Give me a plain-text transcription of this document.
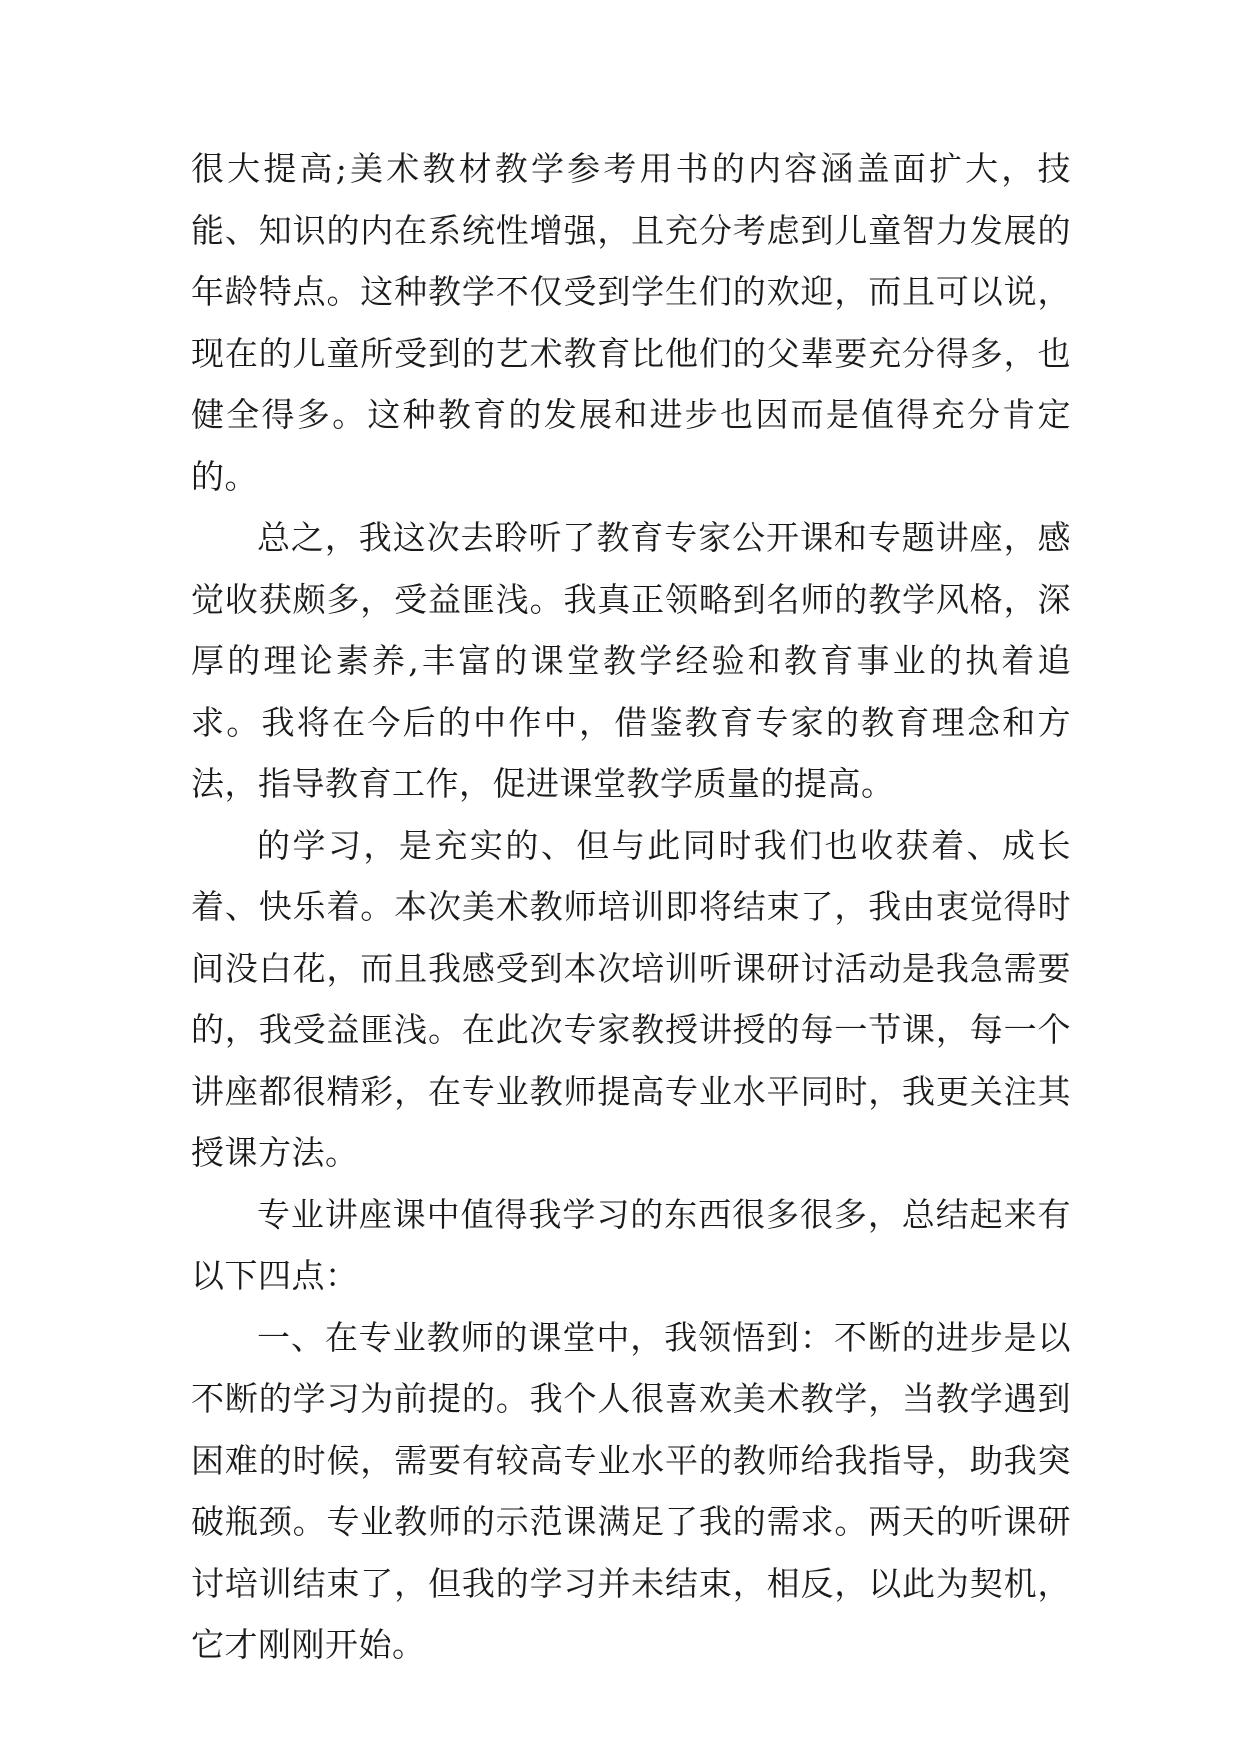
很大提高;美术教材教学参考用书的内容涵盖面扩大，技能、知识的内在系统性增强，且充分考虑到儿童智力发展的年龄特点。这种教学不仅受到学生们的欢迎，而且可以说，现在的儿童所受到的艺术教育比他们的父辈要充分得多，也健全得多。这种教育的发展和进步也因而是值得充分肯定的。

总之，我这次去聆听了教育专家公开课和专题讲座，感觉收获颇多，受益匪浅。我真正领略到名师的教学风格，深厚的理论素养,丰富的课堂教学经验和教育事业的执着追求。我将在今后的中作中，借鉴教育专家的教育理念和方法，指导教育工作，促进课堂教学质量的提高。

的学习，是充实的、但与此同时我们也收获着、成长着、快乐着。本次美术教师培训即将结束了，我由衷觉得时间没白花，而且我感受到本次培训听课研讨活动是我急需要的，我受益匪浅。在此次专家教授讲授的每一节课，每一个讲座都很精彩，在专业教师提高专业水平同时，我更关注其授课方法。

专业讲座课中值得我学习的东西很多很多，总结起来有以下四点：

一、在专业教师的课堂中，我领悟到：不断的进步是以不断的学习为前提的。我个人很喜欢美术教学，当教学遇到困难的时候，需要有较高专业水平的教师给我指导，助我突破瓶颈。专业教师的示范课满足了我的需求。两天的听课研讨培训结束了，但我的学习并未结束，相反，以此为契机，它才刚刚开始。
